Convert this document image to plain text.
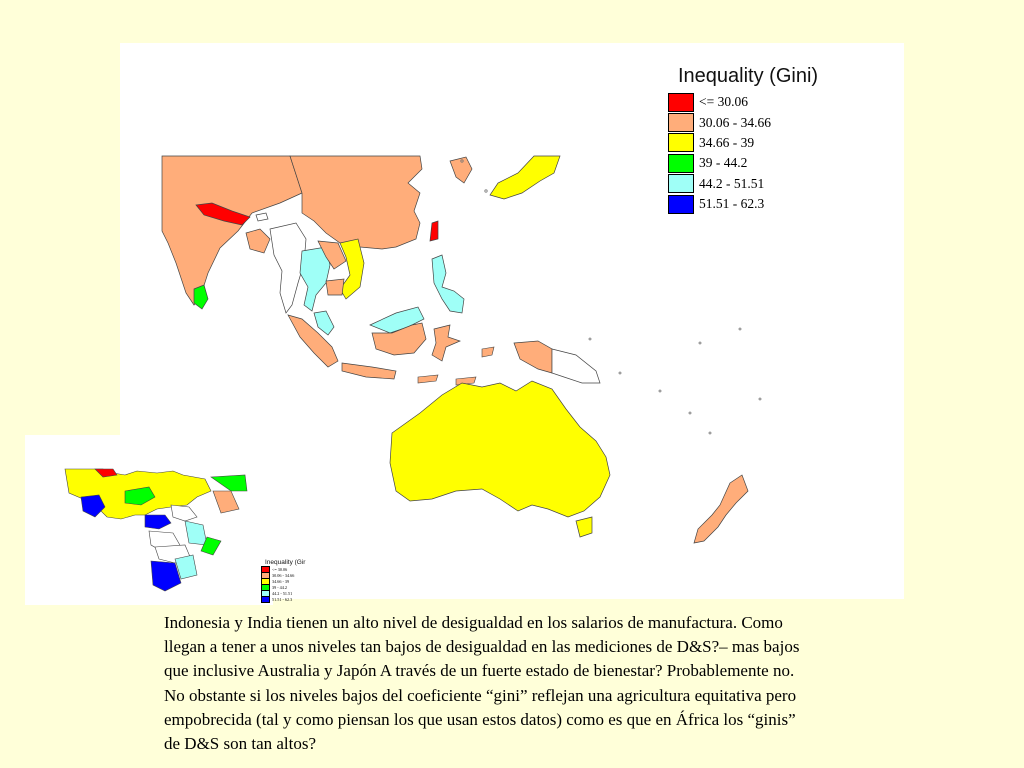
Inequality (Gini)
<= 30.06
30.06 - 34.66
34.66 - 39
39 - 44.2
44.2 - 51.51
51.51 - 62.3
Inequality (Gir
<= 30.06
30.06 - 34.66
34.66 - 39
39 - 44.2
44.2 - 51.51
51.51 - 62.3
Indonesia y India tienen un alto nivel de desigualdad en los salarios de manufactura. Como
llegan a tener a unos niveles tan bajos de desigualdad en las mediciones de D&S?– mas bajos
que inclusive Australia y Japón A través de un fuerte estado de bienestar? Probablemente no.
No obstante si los niveles bajos del coeficiente “gini” reflejan una agricultura equitativa pero
empobrecida (tal y como piensan los que usan estos datos) como es que en África los “ginis”
de D&S son tan altos?
